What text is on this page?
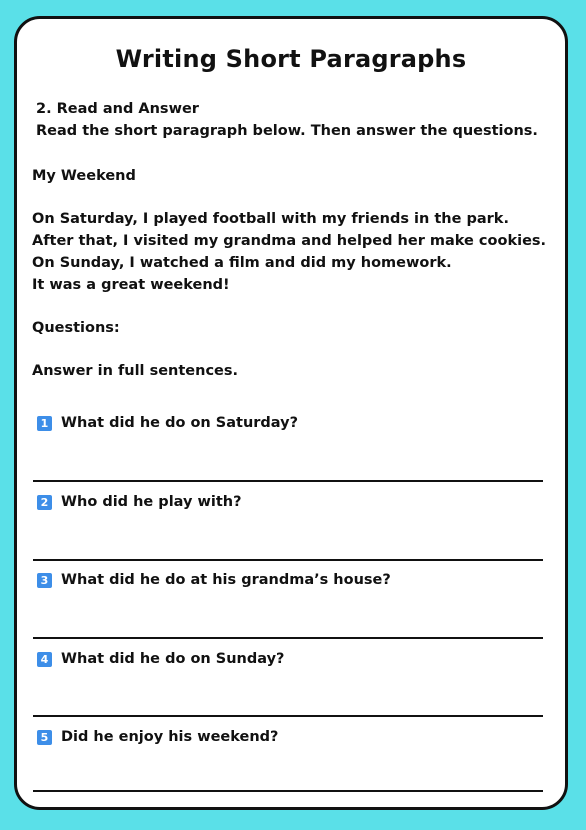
Writing Short Paragraphs
2. Read and Answer
Read the short paragraph below. Then answer the questions.
My Weekend
On Saturday, I played football with my friends in the park.
After that, I visited my grandma and helped her make cookies.
On Sunday, I watched a film and did my homework.
It was a great weekend!
Questions:
Answer in full sentences.
1 What did he do on Saturday?
2 Who did he play with?
3 What did he do at his grandma’s house?
4 What did he do on Sunday?
5 Did he enjoy his weekend?
